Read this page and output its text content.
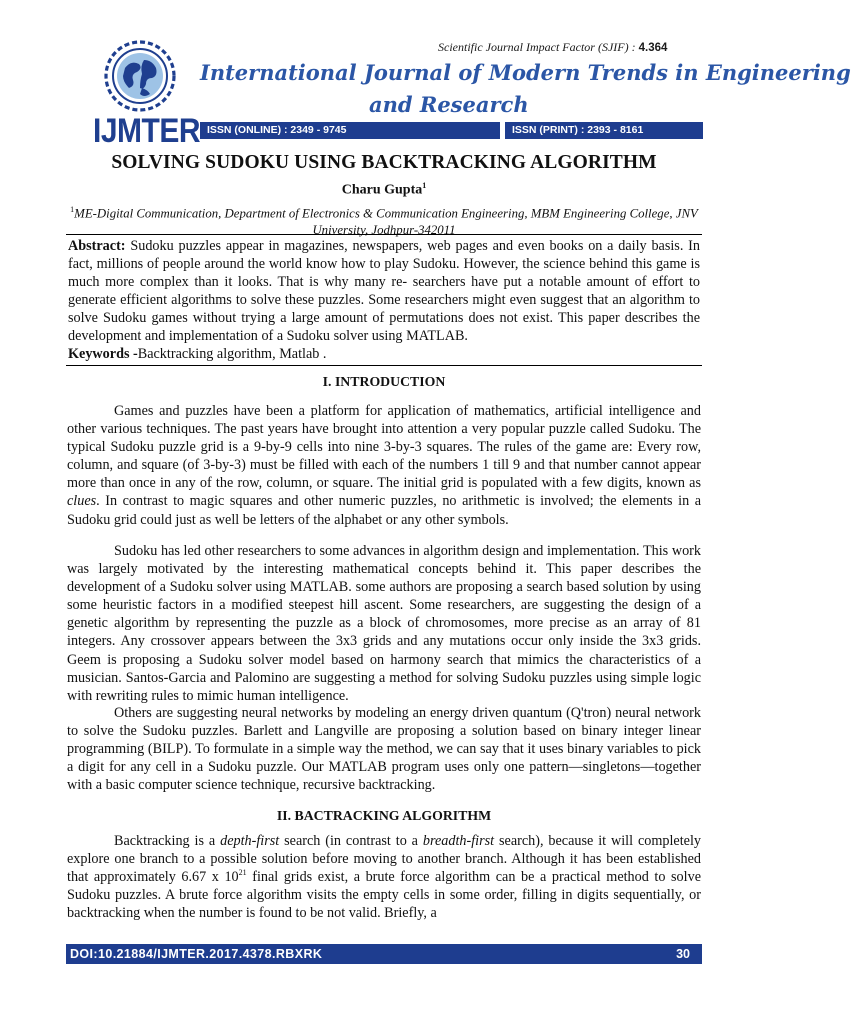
IJMTER
Scientific Journal Impact Factor (SJIF) : 4.364
International Journal of Modern Trends in Engineering
and Research
ISSN (ONLINE) : 2349 - 9745	ISSN (PRINT) : 2393 - 8161
SOLVING SUDOKU USING BACKTRACKING ALGORITHM
Charu Gupta$^1$
$^1$ME-Digital Communication, Department of Electronics & Communication Engineering, MBM Engineering College, JNV University, Jodhpur-342011

Abstract: Sudoku puzzles appear in magazines, newspapers, web pages and even books on a daily basis. In fact, millions of people around the world know how to play Sudoku. However, the science behind this game is much more complex than it looks. That is why many re- searchers have put a notable amount of effort to generate efficient algorithms to solve these puzzles. Some researchers might even suggest that an algorithm to solve Sudoku games without trying a large amount of permutations does not exist. This paper describes the development and implementation of a Sudoku solver using MATLAB.

Keywords -Backtracking algorithm, Matlab .

I. INTRODUCTION

Games and puzzles have been a platform for application of mathematics, artificial intelligence and other various techniques. The past years have brought into attention a very popular puzzle called Sudoku. The typical Sudoku puzzle grid is a 9-by-9 cells into nine 3-by-3 squares. The rules of the game are: Every row, column, and square (of 3-by-3) must be filled with each of the numbers 1 till 9 and that number cannot appear more than once in any of the row, column, or square. The initial grid is populated with a few digits, known as clues. In contrast to magic squares and other numeric puzzles, no arithmetic is involved; the elements in a Sudoku grid could just as well be letters of the alphabet or any other symbols.

Sudoku has led other researchers to some advances in algorithm design and implementation. This work was largely motivated by the interesting mathematical concepts behind it. This paper describes the development of a Sudoku solver using MATLAB. some authors are proposing a search based solution by using some heuristic factors in a modified steepest hill ascent. Some researchers, are suggesting the design of a genetic algorithm by representing the puzzle as a block of chromosomes, more precise as an array of 81 integers. Any crossover appears between the 3x3 grids and any mutations occur only inside the 3x3 grids. Geem is proposing a Sudoku solver model based on harmony search that mimics the characteristics of a musician. Santos-Garcia and Palomino are suggesting a method for solving Sudoku puzzles using simple logic with rewriting rules to mimic human intelligence.

Others are suggesting neural networks by modeling an energy driven quantum (Q'tron) neural network to solve the Sudoku puzzles. Barlett and Langville are proposing a solution based on binary integer linear programming (BILP). To formulate in a simple way the method, we can say that it uses binary variables to pick a digit for any cell in a Sudoku puzzle. Our MATLAB program uses only one pattern—singletons—together with a basic computer science technique, recursive backtracking.

II. BACTRACKING ALGORITHM

Backtracking is a depth-first search (in contrast to a breadth-first search), because it will completely explore one branch to a possible solution before moving to another branch. Although it has been established that approximately 6.67 x $10^{21}$ final grids exist, a brute force algorithm can be a practical method to solve Sudoku puzzles. A brute force algorithm visits the empty cells in some order, filling in digits sequentially, or backtracking when the number is found to be not valid. Briefly, a

DOI:10.21884/IJMTER.2017.4378.RBXRK	30
